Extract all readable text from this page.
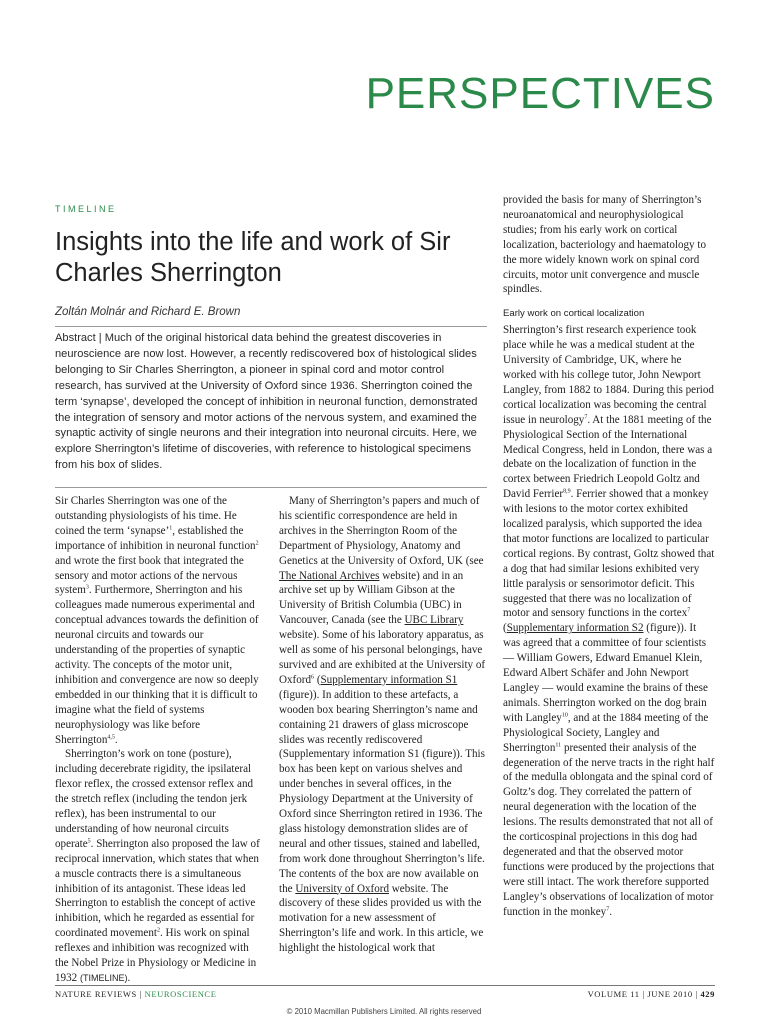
PERSPECTIVES
TIMELINE
Insights into the life and work of Sir Charles Sherrington
Zoltán Molnár and Richard E. Brown

Abstract | Much of the original historical data behind the greatest discoveries in neuroscience are now lost. However, a recently rediscovered box of histological slides belonging to Sir Charles Sherrington, a pioneer in spinal cord and motor control research, has survived at the University of Oxford since 1936. Sherrington coined the term ‘synapse’, developed the concept of inhibition in neuronal function, demonstrated the integration of sensory and motor actions of the nervous system, and examined the synaptic activity of single neurons and their integration into neuronal circuits. Here, we explore Sherrington’s lifetime of discoveries, with reference to histological specimens from his box of slides.

Sir Charles Sherrington was one of the outstanding physiologists of his time. He coined the term ‘synapse’$^1$, established the importance of inhibition in neuronal function$^2$ and wrote the first book that integrated the sensory and motor actions of the nervous system$^3$. Furthermore, Sherrington and his colleagues made numerous experimental and conceptual advances towards the definition of neuronal circuits and towards our understanding of the properties of synaptic activity. The concepts of the motor unit, inhibition and convergence are now so deeply embedded in our thinking that it is difficult to imagine what the field of systems neurophysiology was like before Sherrington$^{4,5}$.

Sherrington’s work on tone (posture), including decerebrate rigidity, the ipsilateral flexor reflex, the crossed extensor reflex and the stretch reflex (including the tendon jerk reflex), has been instrumental to our understanding of how neuronal circuits operate$^5$. Sherrington also proposed the law of reciprocal innervation, which states that when a muscle contracts there is a simultaneous inhibition of its antagonist. These ideas led Sherrington to establish the concept of active inhibition, which he regarded as essential for coordinated movement$^2$. His work on spinal reflexes and inhibition was recognized with the Nobel Prize in Physiology or Medicine in 1932 (TIMELINE).

Many of Sherrington’s papers and much of his scientific correspondence are held in archives in the Sherrington Room of the Department of Physiology, Anatomy and Genetics at the University of Oxford, UK (see The National Archives website) and in an archive set up by William Gibson at the University of British Columbia (UBC) in Vancouver, Canada (see the UBC Library website). Some of his laboratory apparatus, as well as some of his personal belongings, have survived and are exhibited at the University of Oxford$^6$ (Supplementary information S1 (figure)). In addition to these artefacts, a wooden box bearing Sherrington’s name and containing 21 drawers of glass microscope slides was recently rediscovered (Supplementary information S1 (figure)). This box has been kept on various shelves and under benches in several offices, in the Physiology Department at the University of Oxford since Sherrington retired in 1936. The glass histology demonstration slides are of neural and other tissues, stained and labelled, from work done throughout Sherrington’s life. The contents of the box are now available on the University of Oxford website. The discovery of these slides provided us with the motivation for a new assessment of Sherrington’s life and work. In this article, we highlight the histological work that

provided the basis for many of Sherrington’s neuroanatomical and neurophysiological studies; from his early work on cortical localization, bacteriology and haematology to the more widely known work on spinal cord circuits, motor unit convergence and muscle spindles.

Early work on cortical localization

Sherrington’s first research experience took place while he was a medical student at the University of Cambridge, UK, where he worked with his college tutor, John Newport Langley, from 1882 to 1884. During this period cortical localization was becoming the central issue in neurology$^7$. At the 1881 meeting of the Physiological Section of the International Medical Congress, held in London, there was a debate on the localization of function in the cortex between Friedrich Leopold Goltz and David Ferrier$^{8,9}$. Ferrier showed that a monkey with lesions to the motor cortex exhibited localized paralysis, which supported the idea that motor functions are localized to particular cortical regions. By contrast, Goltz showed that a dog that had similar lesions exhibited very little paralysis or sensorimotor deficit. This suggested that there was no localization of motor and sensory functions in the cortex$^7$ (Supplementary information S2 (figure)). It was agreed that a committee of four scientists — William Gowers, Edward Emanuel Klein, Edward Albert Schäfer and John Newport Langley — would examine the brains of these animals. Sherrington worked on the dog brain with Langley$^{10}$, and at the 1884 meeting of the Physiological Society, Langley and Sherrington$^{11}$ presented their analysis of the degeneration of the nerve tracts in the right half of the medulla oblongata and the spinal cord of Goltz’s dog. They correlated the pattern of neural degeneration with the location of the lesions. The results demonstrated that not all of the corticospinal projections in this dog had degenerated and that the observed motor functions were produced by the projections that were still intact. The work therefore supported Langley’s observations of localization of motor function in the monkey$^7$.

NATURE REVIEWS | NEUROSCIENCE	VOLUME 11 | JUNE 2010 | 429
© 2010 Macmillan Publishers Limited. All rights reserved
